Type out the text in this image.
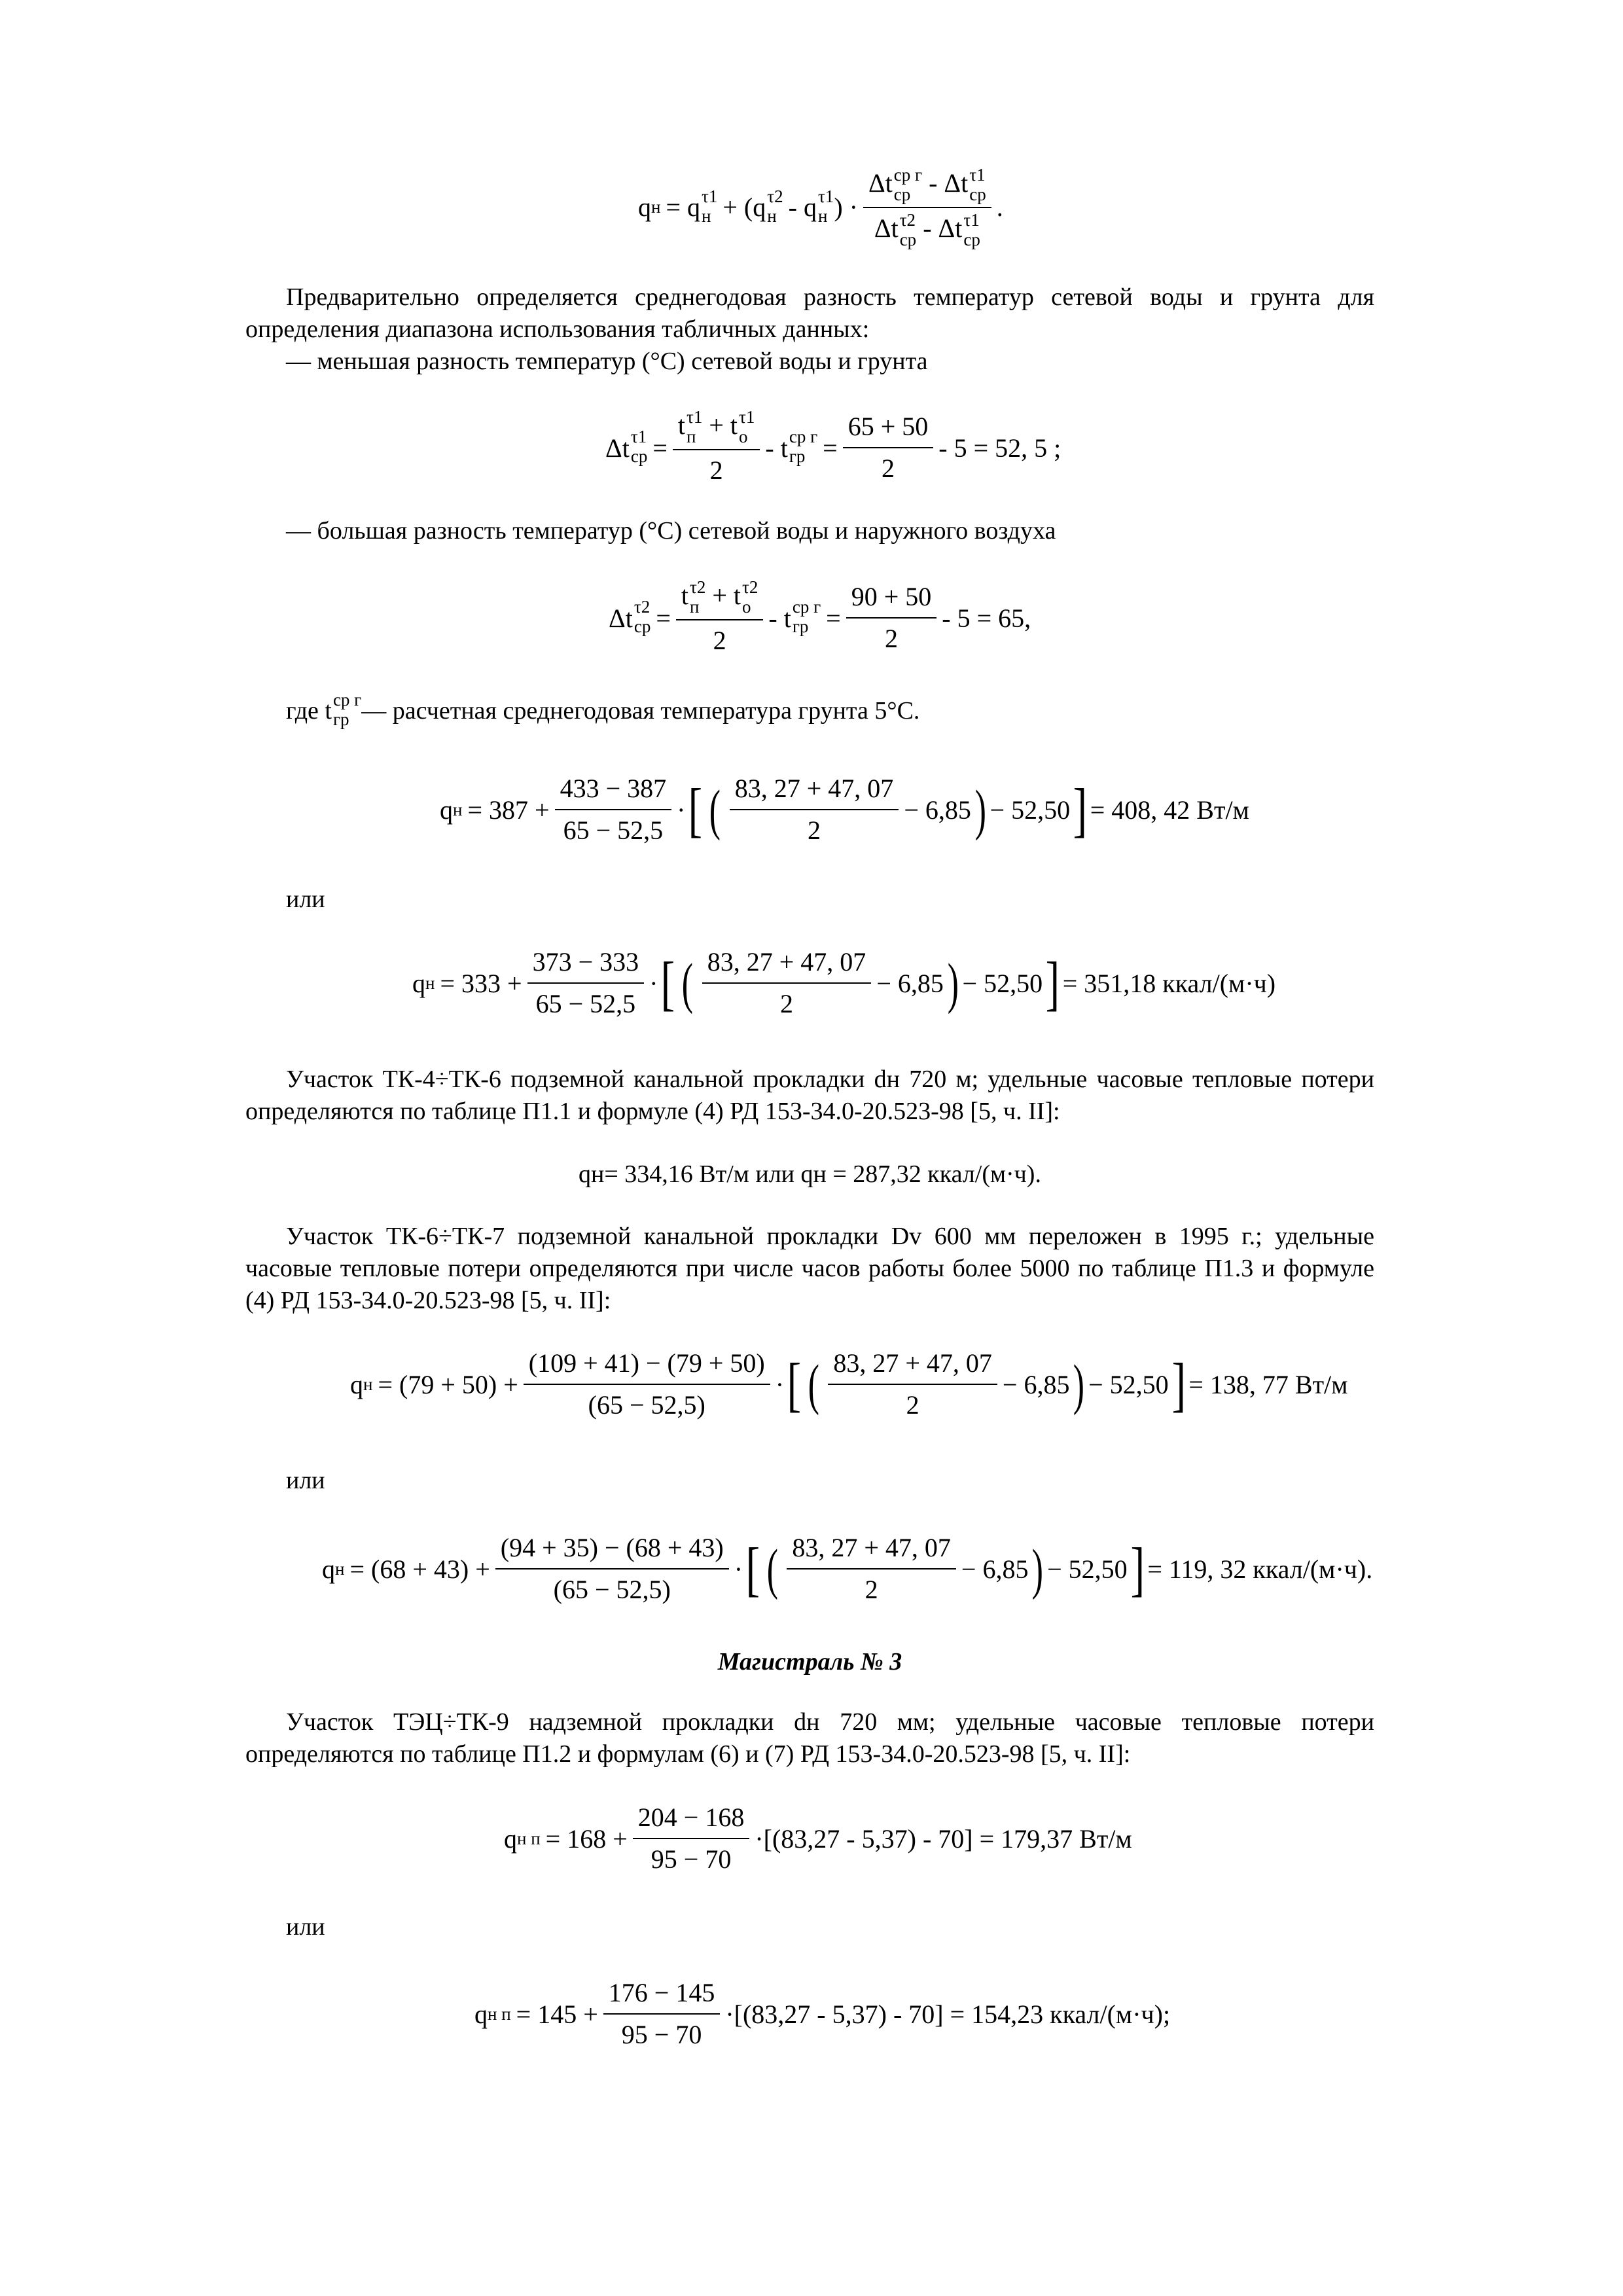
q н = q τ1
н + (q τ2
н - q τ1
н ) · Δt ср г
ср - Δt τ1
ср
Δt τ2
ср - Δt τ1
ср .

Предварительно определяется среднегодовая разность температур сетевой воды и грунта для определения диапазона использования табличных данных:

— меньшая разность температур (°С) сетевой воды и грунта
Δt τ1
ср = t τ1
п + t τ1
о
2 - t ср г
гр = $\frac{65 + 50}{2} - 5 = 52$, 5 ;
— большая разность температур (°С) сетевой воды и наружного воздуха
Δt τ2
ср = t τ2
п + t τ2
о
2 - t ср г
гр = $\frac{90 + 50}{2} - 5 = 65$,
где t ср г
гр — расчетная среднегодовая температура грунта 5°С.
q $н = 387 + \frac{433 - 387}{65 - 52,5}$ · [ ( $\frac{83, 27 + 47, 07}{2} - 6,85$ ) − 52,50 ] = 408, 42 Вт/м
или
q $н = 333 + \frac{373 - 333}{65 - 52,5}$ · [ ( $\frac{83, 27 + 47, 07}{2} - 6,85$ ) − 52,50 ] = 351,18 ккал/(м·ч)

Участок ТК-4÷ТК-6 подземной канальной прокладки dн 720 м; удельные часовые тепловые потери определяются по таблице П1.1 и формуле (4) РД 153-34.0-20.523-98 [5, ч. II]:

qн= 334,16 Вт/м или qн = 287,32 ккал/(м·ч).

Участок ТК-6÷ТК-7 подземной канальной прокладки Dv 600 мм переложен в 1995 г.; удельные часовые тепловые потери определяются при числе часов работы более 5000 по таблице П1.3 и формуле (4) РД 153-34.0-20.523-98 [5, ч. II]:

q $н = (79 + 50) + \frac{(109 + 41) - (79 + 50)}{(65 - 52,5)}$ · [ ( $\frac{83, 27 + 47, 07}{2} - 6,85$ ) − 52,50 ] = 138, 77 Вт/м
или
q $н = (68 + 43) + \frac{(94 + 35) - (68 + 43)}{(65 - 52,5)}$ · [ ( $\frac{83, 27 + 47, 07}{2} - 6,85$ ) − 52,50 ] = 119, 32 ккал/(м·ч).
Магистраль № 3

Участок ТЭЦ÷ТК-9 надземной прокладки dн 720 мм; удельные часовые тепловые потери определяются по таблице П1.2 и формулам (6) и (7) РД 153-34.0-20.523-98 [5, ч. II]:

q н $п = 168 + \frac{204 - 168}{95 - 70} \cdot[(83,27 - 5,37) - 70] = 179,37$ Вт/м
или
q н $п = 145 + \frac{176 - 145}{95 - 70} \cdot[(83,27 - 5,37) - 70] = 154,23$ ккал/(м·ч);
